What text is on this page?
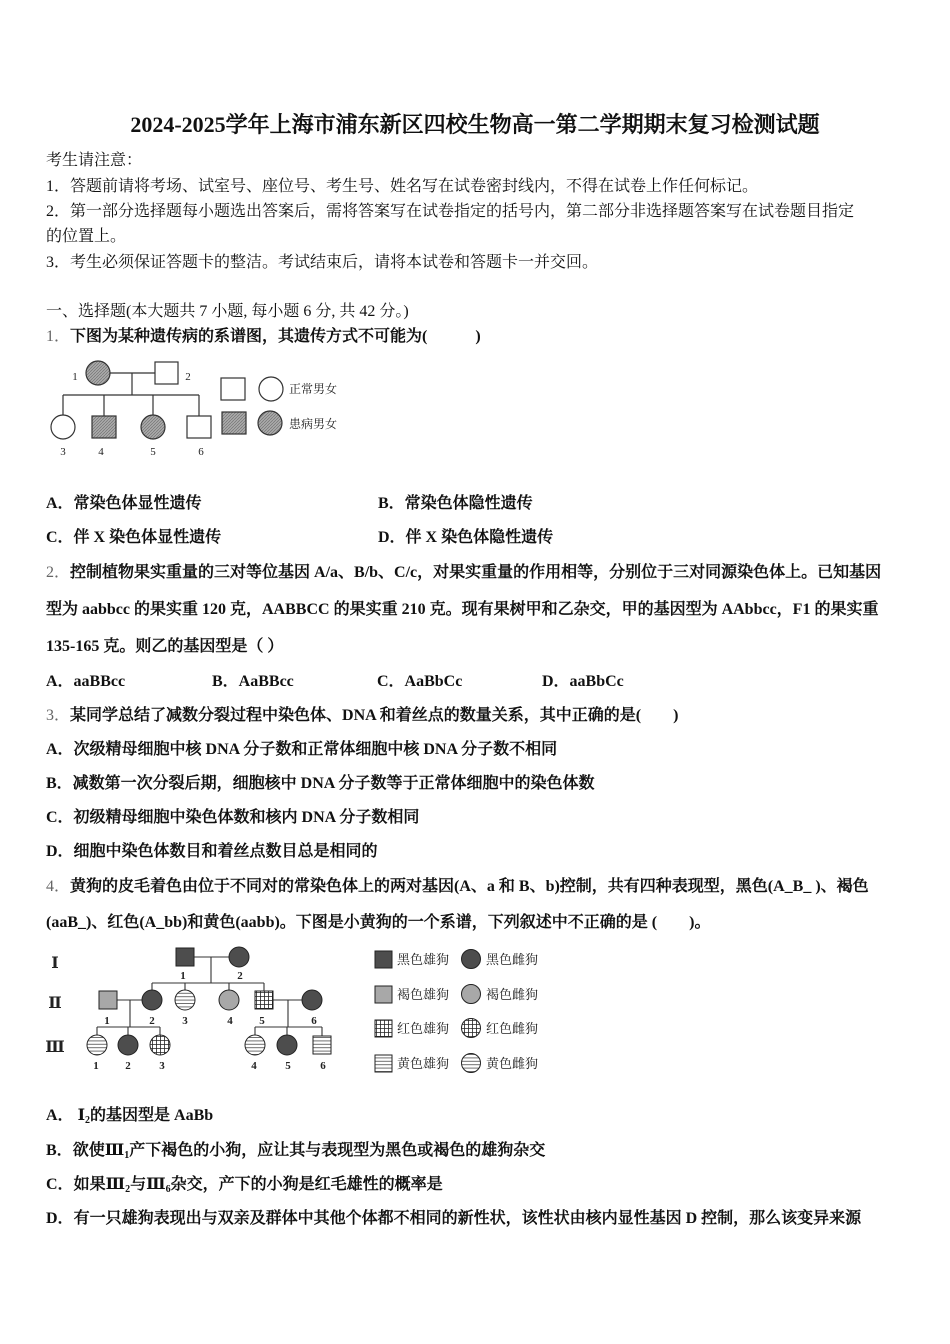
2024-2025学年上海市浦东新区四校生物高一第二学期期末复习检测试题
考生请注意：
1．答题前请将考场、试室号、座位号、考生号、姓名写在试卷密封线内，不得在试卷上作任何标记。
2．第一部分选择题每小题选出答案后，需将答案写在试卷指定的括号内，第二部分非选择题答案写在试卷题目指定
的位置上。
3．考生必须保证答题卡的整洁。考试结束后，请将本试卷和答题卡一并交回。
一、选择题(本大题共 7 小题, 每小题 6 分, 共 42 分。)
1．下图为某种遗传病的系谱图，其遗传方式不可能为(　　　)
1	2
3	4	5	6
正常男女
患病男女
A．常染色体显性遗传	B．常染色体隐性遗传
C．伴 X 染色体显性遗传	D．伴 X 染色体隐性遗传
2．控制植物果实重量的三对等位基因 A/a、B/b、C/c，对果实重量的作用相等，分别位于三对同源染色体上。已知基因
型为 aabbcc 的果实重 120 克，AABBCC 的果实重 210 克。现有果树甲和乙杂交，甲的基因型为 AAbbcc，F1 的果实重
135-165 克。则乙的基因型是（ ）
A．aaBBcc	B．AaBBcc	C．AaBbCc	D．aaBbCc
3．某同学总结了减数分裂过程中染色体、DNA 和着丝点的数量关系，其中正确的是(　　)
A．次级精母细胞中核 DNA 分子数和正常体细胞中核 DNA 分子数不相同
B．减数第一次分裂后期，细胞核中 DNA 分子数等于正常体细胞中的染色体数
C．初级精母细胞中染色体数和核内 DNA 分子数相同
D．细胞中染色体数目和着丝点数目总是相同的
4．黄狗的皮毛着色由位于不同对的常染色体上的两对基因(A、a 和 B、b)控制，共有四种表现型，黑色(A_B_ )、褐色
(aaB_)、红色(A_bb)和黄色(aabb)。下图是小黄狗的一个系谱，下列叙述中不正确的是 (　　)。
Ⅰ
Ⅱ
Ⅲ
1	2
1	2	3	4 5	6
1 2	3	4	5	6
黑色雄狗	黑色雌狗
褐色雄狗	褐色雌狗
红色雄狗	红色雌狗
黄色雄狗	黄色雌狗
A． $Ⅰ_2$的基因型是 AaBb
B．欲使$Ⅲ_1$产下褐色的小狗，应让其与表现型为黑色或褐色的雄狗杂交
C．如果$Ⅲ_2$与$Ⅲ_6$杂交，产下的小狗是红毛雄性的概率是
D．有一只雄狗表现出与双亲及群体中其他个体都不相同的新性状，该性状由核内显性基因 D 控制，那么该变异来源
